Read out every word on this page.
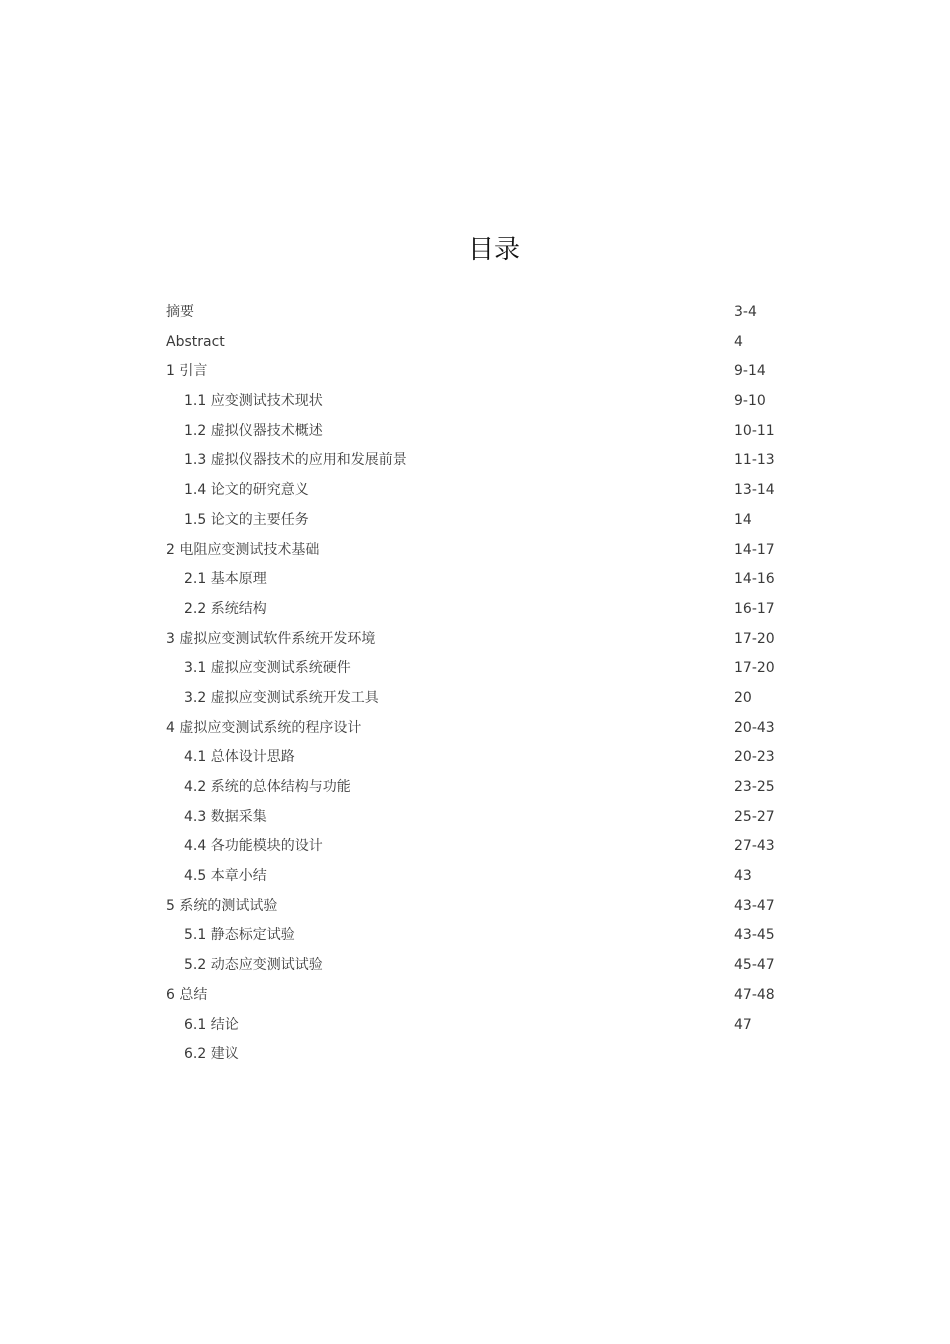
目录
摘要	3-4
Abstract	4
1 引言	9-14
1.1 应变测试技术现状	9-10
1.2 虚拟仪器技术概述	10-11
1.3 虚拟仪器技术的应用和发展前景	11-13
1.4 论文的研究意义	13-14
1.5 论文的主要任务	14
2 电阻应变测试技术基础	14-17
2.1 基本原理	14-16
2.2 系统结构	16-17
3 虚拟应变测试软件系统开发环境	17-20
3.1 虚拟应变测试系统硬件	17-20
3.2 虚拟应变测试系统开发工具	20
4 虚拟应变测试系统的程序设计	20-43
4.1 总体设计思路	20-23
4.2 系统的总体结构与功能	23-25
4.3 数据采集	25-27
4.4 各功能模块的设计	27-43
4.5 本章小结	43
5 系统的测试试验	43-47
5.1 静态标定试验	43-45
5.2 动态应变测试试验	45-47
6 总结	47-48
6.1 结论	47
6.2 建议
